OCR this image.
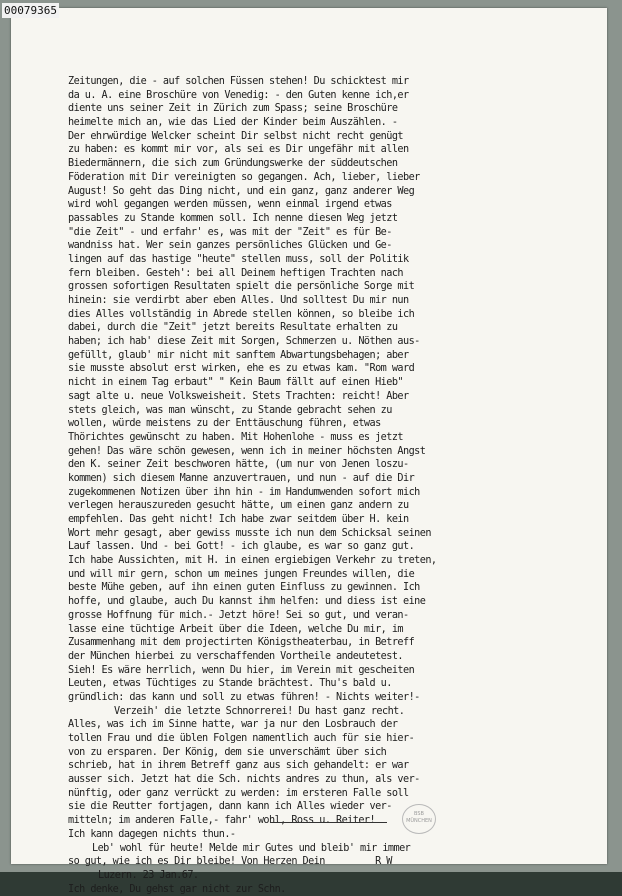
00079365
Zeitungen, die - auf solchen Füssen stehen! Du schicktest mir
da u. A. eine Broschüre von Venedig: - den Guten kenne ich,er
diente uns seiner Zeit in Zürich zum Spass; seine Broschüre
heimelte mich an, wie das Lied der Kinder beim Auszählen. -
Der ehrwürdige Welcker scheint Dir selbst nicht recht genügt
zu haben: es kommt mir vor, als sei es Dir ungefähr mit allen
Biedermännern, die sich zum Gründungswerke der süddeutschen
Föderation mit Dir vereinigten so gegangen. Ach, lieber, lieber
August! So geht das Ding nicht, und ein ganz, ganz anderer Weg
wird wohl gegangen werden müssen, wenn einmal irgend etwas
passables zu Stande kommen soll. Ich nenne diesen Weg jetzt
"die Zeit" - und erfahr' es, was mit der "Zeit" es für Be-
wandniss hat. Wer sein ganzes persönliches Glücken und Ge-
lingen auf das hastige "heute" stellen muss, soll der Politik
fern bleiben. Gesteh': bei all Deinem heftigen Trachten nach
grossen sofortigen Resultaten spielt die persönliche Sorge mit
hinein: sie verdirbt aber eben Alles. Und solltest Du mir nun
dies Alles vollständig in Abrede stellen können, so bleibe ich
dabei, durch die "Zeit" jetzt bereits Resultate erhalten zu
haben; ich hab' diese Zeit mit Sorgen, Schmerzen u. Nöthen aus-
gefüllt, glaub' mir nicht mit sanftem Abwartungsbehagen; aber
sie musste absolut erst wirken, ehe es zu etwas kam. "Rom ward
nicht in einem Tag erbaut" " Kein Baum fällt auf einen Hieb"
sagt alte u. neue Volksweisheit. Stets Trachten: reicht! Aber
stets gleich, was man wünscht, zu Stande gebracht sehen zu
wollen, würde meistens zu der Enttäuschung führen, etwas
Thörichtes gewünscht zu haben. Mit Hohenlohe - muss es jetzt
gehen! Das wäre schön gewesen, wenn ich in meiner höchsten Angst
den K. seiner Zeit beschworen hätte, (um nur von Jenen loszu-
kommen) sich diesem Manne anzuvertrauen, und nun - auf die Dir
zugekommenen Notizen über ihn hin - im Handumwenden sofort mich
verlegen herauszureden gesucht hätte, um einen ganz andern zu
empfehlen. Das geht nicht! Ich habe zwar seitdem über H. kein
Wort mehr gesagt, aber gewiss musste ich nun dem Schicksal seinen
Lauf lassen. Und - bei Gott! - ich glaube, es war so ganz gut.
Ich habe Aussichten, mit H. in einen ergiebigen Verkehr zu treten,
und will mir gern, schon um meines jungen Freundes willen, die
beste Mühe geben, auf ihn einen guten Einfluss zu gewinnen. Ich
hoffe, und glaube, auch Du kannst ihm helfen: und diess ist eine
grosse Hoffnung für mich.- Jetzt höre! Sei so gut, und veran-
lasse eine tüchtige Arbeit über die Ideen, welche Du mir, im
Zusammenhang mit dem projectirten Königstheaterbau, in Betreff
der München hierbei zu verschaffenden Vortheile andeutetest.
Sieh! Es wäre herrlich, wenn Du hier, im Verein mit gescheiten
Leuten, etwas Tüchtiges zu Stande brächtest. Thu's bald u.
gründlich: das kann und soll zu etwas führen! - Nichts weiter!-
Verzeih' die letzte Schnorrerei! Du hast ganz recht.
Alles, was ich im Sinne hatte, war ja nur den Losbrauch der
tollen Frau und die üblen Folgen namentlich auch für sie hier-
von zu ersparen. Der König, dem sie unverschämt über sich
schrieb, hat in ihrem Betreff ganz aus sich gehandelt: er war
ausser sich. Jetzt hat die Sch. nichts andres zu thun, als ver-
nünftig, oder ganz verrückt zu werden: im ersteren Falle soll
sie die Reutter fortjagen, dann kann ich Alles wieder ver-
mitteln; im anderen Falle,- fahr' wohl, Ross u. Reiter!
Ich kann dagegen nichts thun.-
Leb' wohl für heute! Melde mir Gutes und bleib' mir immer
so gut, wie ich es Dir bleibe! Von Herzen Dein         R W
Luzern. 23 Jan.67.
Ich denke, Du gehst gar nicht zur Schn.
BSB MÜNCHEN
